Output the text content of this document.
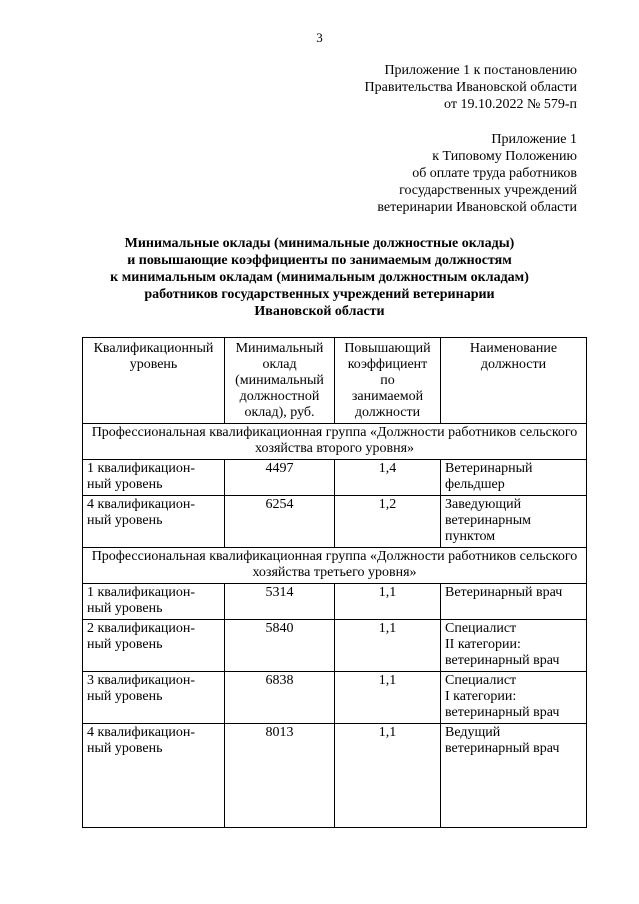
3
Приложение 1 к постановлению
Правительства Ивановской области
от 19.10.2022 № 579-п
Приложение 1
к Типовому Положению
об оплате труда работников
государственных учреждений
ветеринарии Ивановской области
Минимальные оклады (минимальные должностные оклады)
и повышающие коэффициенты по занимаемым должностям
к минимальным окладам (минимальным должностным окладам)
работников государственных учреждений ветеринарии
Ивановской области
Квалификационный
уровень	Минимальный
оклад
(минимальный
должностной
оклад), руб.	Повышающий
коэффициент
по
занимаемой
должности	Наименование
должности
Профессиональная квалификационная группа «Должности работников сельского хозяйства второго уровня»			
1 квалификацион-
ный уровень	4497	1,4	Ветеринарный
фельдшер
4 квалификацион-
ный уровень	6254	1,2	Заведующий
ветеринарным
пунктом
Профессиональная квалификационная группа «Должности работников сельского хозяйства третьего уровня»			
1 квалификацион-
ный уровень	5314	1,1	Ветеринарный врач
2 квалификацион-
ный уровень	5840	1,1	Специалист
II категории:
ветеринарный врач
3 квалификацион-
ный уровень	6838	1,1	Специалист
I категории:
ветеринарный врач
4 квалификацион-
ный уровень	8013	1,1	Ведущий
ветеринарный врач
